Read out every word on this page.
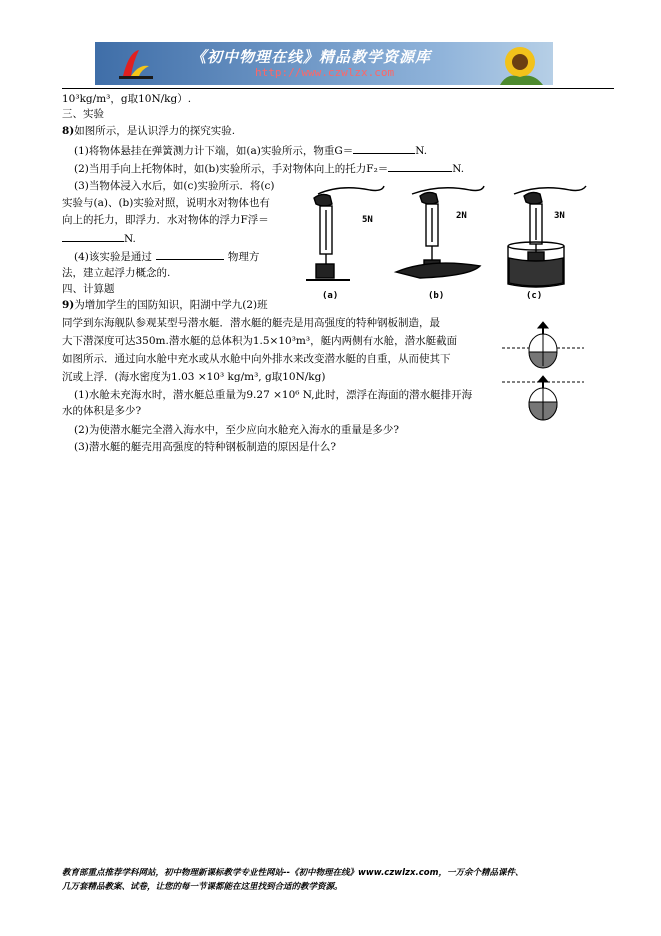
《初中物理在线》精品教学资源库
http://www.czwlzx.com
10³kg/m³，g取10N/kg）.
三、实验
8)如图所示，是认识浮力的探究实验.
(1)将物体悬挂在弹簧测力计下端，如(a)实验所示，物重G＝	N.
(2)当用手向上托物体时，如(b)实验所示，手对物体向上的托力F₂＝	N.
(3)当物体浸入水后，如(c)实验所示．将(c)
实验与(a)、(b)实验对照，说明水对物体也有
向上的托力，即浮力．水对物体的浮力F浮＝
N.
(4)该实验是通过	物理方
法，建立起浮力概念的.
四、计算题
9)为增加学生的国防知识，阳湖中学九(2)班
同学到东海舰队参观某型号潜水艇．潜水艇的艇壳是用高强度的特种钢板制造，最
大下潜深度可达350m.潜水艇的总体积为1.5×10³m³，艇内两侧有水舱，潜水艇截面
如图所示．通过向水舱中充水或从水舱中向外排水来改变潜水艇的自重，从而使其下
沉或上浮．(海水密度为1.03 ×10³ kg/m³, g取10N/kg)
(1)水舱未充海水时，潜水艇总重量为9.27 ×10⁶ N,此时，漂浮在海面的潜水艇排开海
水的体积是多少?
(2)为使潜水艇完全潜入海水中，至少应向水舱充入海水的重量是多少?
(3)潜水艇的艇壳用高强度的特种钢板制造的原因是什么?
5N	2N	3N
(a)	(b)	(c)
教育部重点推荐学科网站，初中物理新课标教学专业性网站--《初中物理在线》www.czwlzx.com，一万余个精品课件、
几万套精品教案、试卷，让您的每一节课都能在这里找到合适的教学资源。
